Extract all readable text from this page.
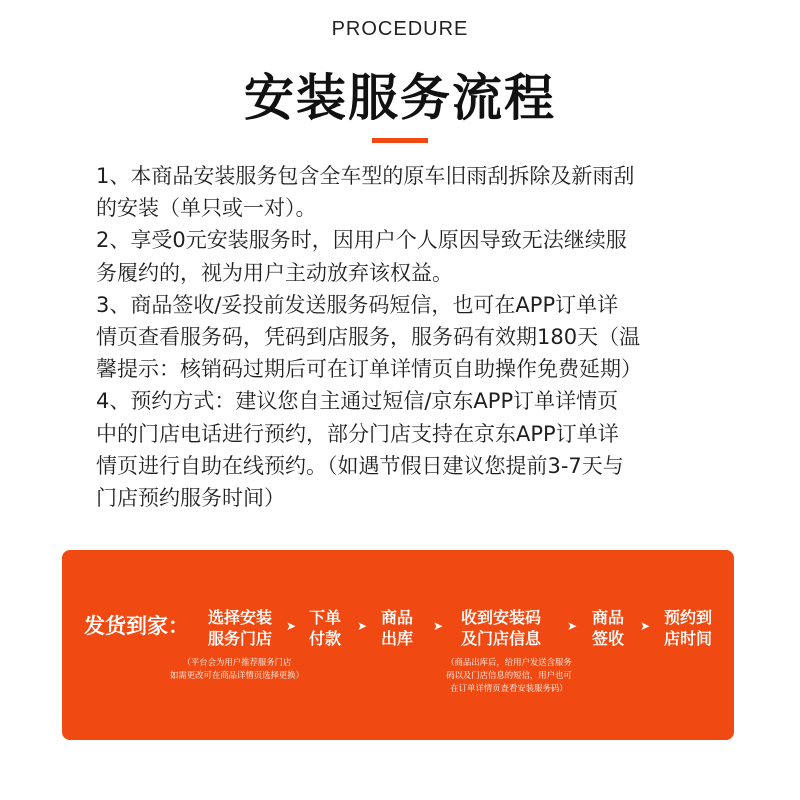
PROCEDURE
安装服务流程

1、本商品安装服务包含全车型的原车旧雨刮拆除及新雨刮

的安装（单只或一对）。

2、享受0元安装服务时，因用户个人原因导致无法继续服

务履约的，视为用户主动放弃该权益。

3、商品签收/妥投前发送服务码短信，也可在APP订单详

情页查看服务码，凭码到店服务，服务码有效期180天（温

馨提示：核销码过期后可在订单详情页自助操作免费延期）

4、预约方式：建议您自主通过短信/京东APP订单详情页

中的门店电话进行预约，部分门店支持在京东APP订单详

情页进行自助在线预约。（如遇节假日建议您提前3-7天与

门店预约服务时间）

发货到家：	选择安装
服务门店
➤ 下单
付款
➤ 商品
出库
➤	收到安装码
及门店信息
➤ 商品
签收
➤ 预约到
店时间
（平台会为用户推荐服务门店
如需更改可在商品详情页选择更换）
（商品出库后，给用户发送含服务
码以及门店信息的短信，用户也可
在订单详情页查看安装服务码）
